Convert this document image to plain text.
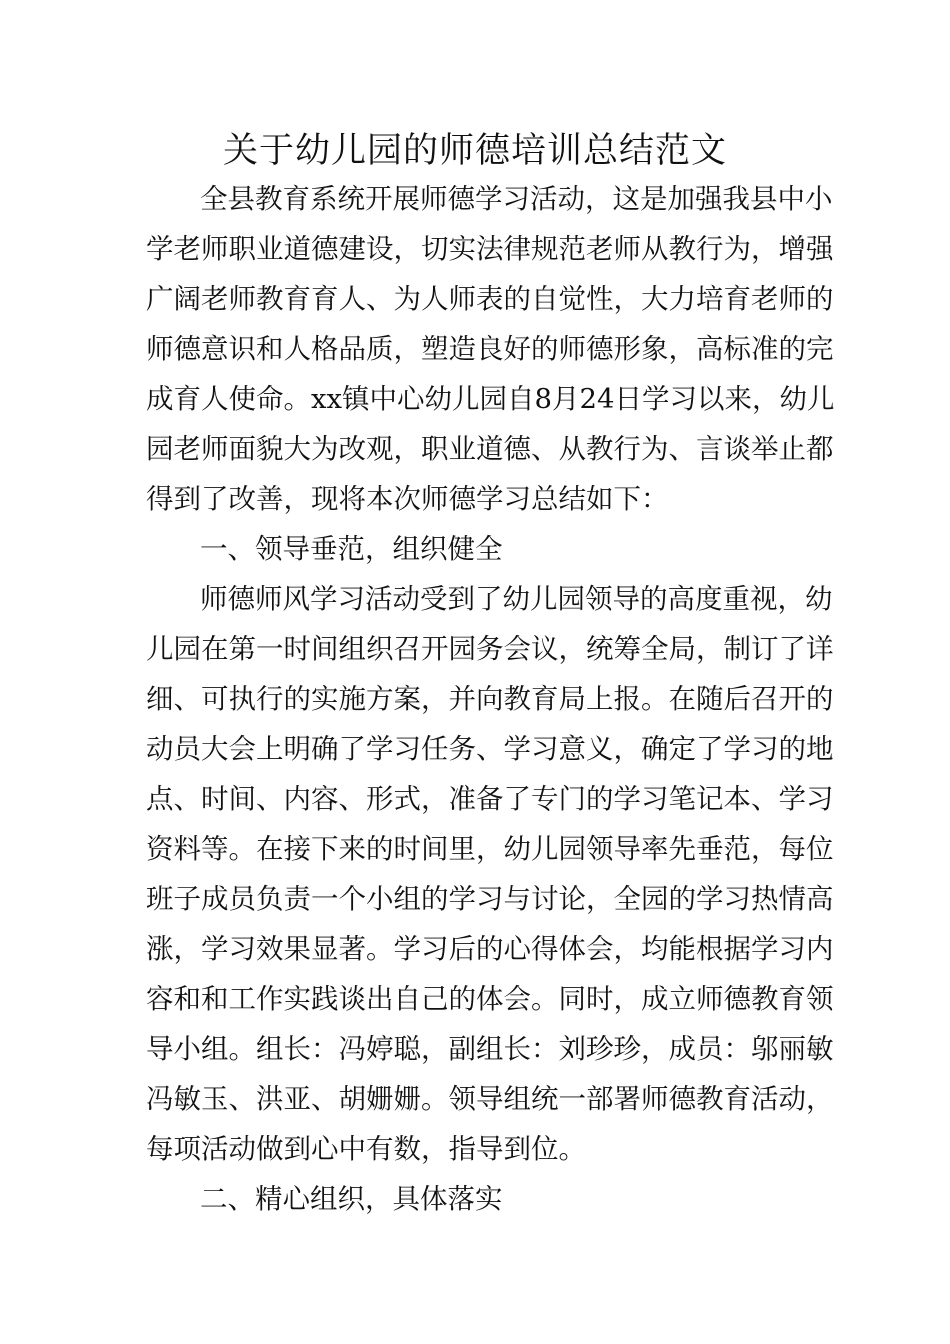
关于幼儿园的师德培训总结范文
全县教育系统开展师德学习活动，这是加强我县中小
学老师职业道德建设，切实法律规范老师从教行为，增强
广阔老师教育育人、为人师表的自觉性，大力培育老师的
师德意识和人格品质，塑造良好的师德形象，高标准的完
成育人使命。xx镇中心幼儿园自8月24日学习以来，幼儿
园老师面貌大为改观，职业道德、从教行为、言谈举止都
得到了改善，现将本次师德学习总结如下：
一、领导垂范，组织健全
师德师风学习活动受到了幼儿园领导的高度重视，幼
儿园在第一时间组织召开园务会议，统筹全局，制订了详
细、可执行的实施方案，并向教育局上报。在随后召开的
动员大会上明确了学习任务、学习意义，确定了学习的地
点、时间、内容、形式，准备了专门的学习笔记本、学习
资料等。在接下来的时间里，幼儿园领导率先垂范，每位
班子成员负责一个小组的学习与讨论，全园的学习热情高
涨，学习效果显著。学习后的心得体会，均能根据学习内
容和和工作实践谈出自己的体会。同时，成立师德教育领
导小组。组长：冯婷聪，副组长：刘珍珍，成员：邬丽敏
冯敏玉、洪亚、胡姗姗。领导组统一部署师德教育活动，
每项活动做到心中有数，指导到位。
二、精心组织，具体落实
